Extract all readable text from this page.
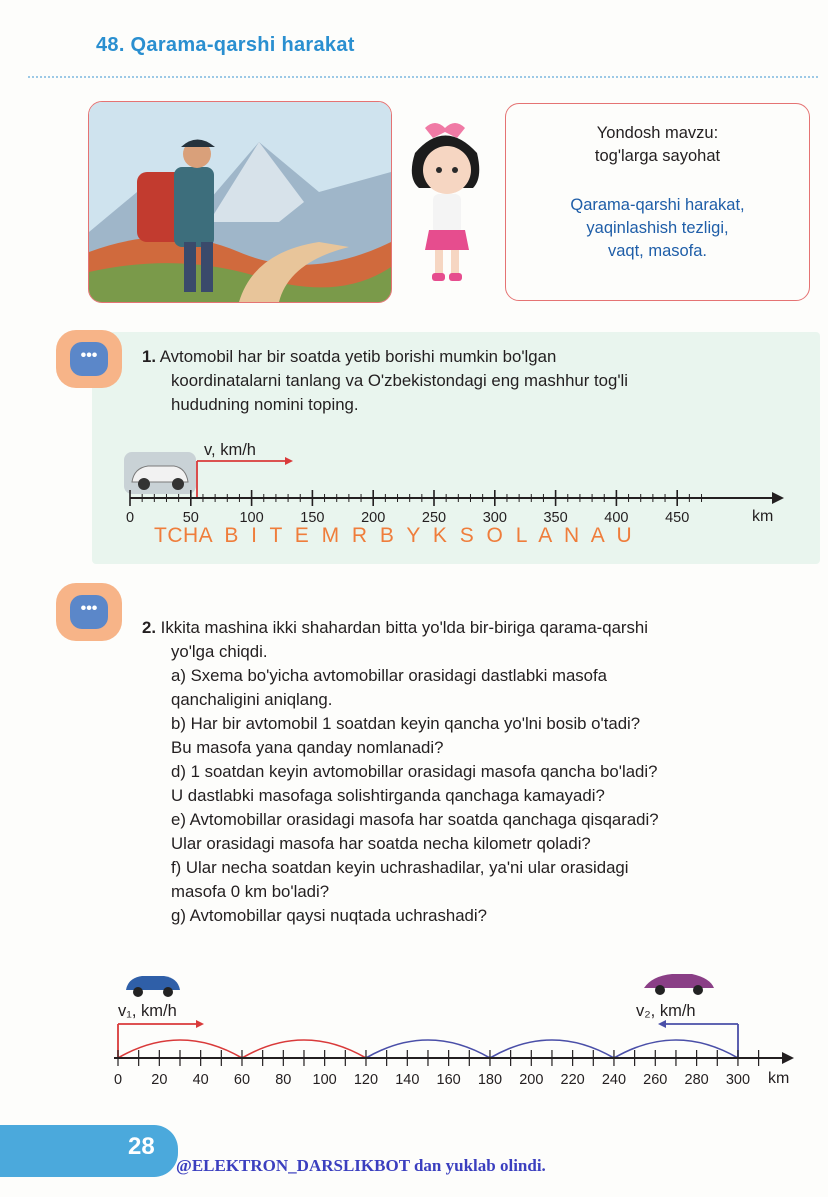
48. Qarama-qarshi harakat
Yondosh mavzu:
tog'larga sayohat
Qarama-qarshi harakat,
yaqinlashish tezligi,
vaqt, masofa.
•••	1. Avtomobil har bir soatda yetib borishi mumkin bo'lgan
koordinatalarni tanlang va O'zbekistondagi eng mashhur tog'li
hududning nomini toping.
v, km/h
0	50	100	150	200	250	300	350	400	450	km
TCHA B I T E M R B Y K S O L A N A U
•••
2. Ikkita mashina ikki shahardan bitta yo'lda bir-biriga qarama-qarshi
yo'lga chiqdi.
a) Sxema bo'yicha avtomobillar orasidagi dastlabki masofa
qanchaligini aniqlang.
b) Har bir avtomobil 1 soatdan keyin qancha yo'lni bosib o'tadi?
Bu masofa yana qanday nomlanadi?
d) 1 soatdan keyin avtomobillar orasidagi masofa qancha bo'ladi?
U dastlabki masofaga solishtirganda qanchaga kamayadi?
e) Avtomobillar orasidagi masofa har soatda qanchaga qisqaradi?
Ular orasidagi masofa har soatda necha kilometr qoladi?
f) Ular necha soatdan keyin uchrashadilar, ya'ni ular orasidagi
masofa 0 km bo'ladi?
g) Avtomobillar qaysi nuqtada uchrashadi?
v₁, km/h	v₂, km/h
0 20 40 60 80 100 120 140 160 180 200 220 240 260 280 300 km
28
@ELEKTRON_DARSLIKBOT dan yuklab olindi.
